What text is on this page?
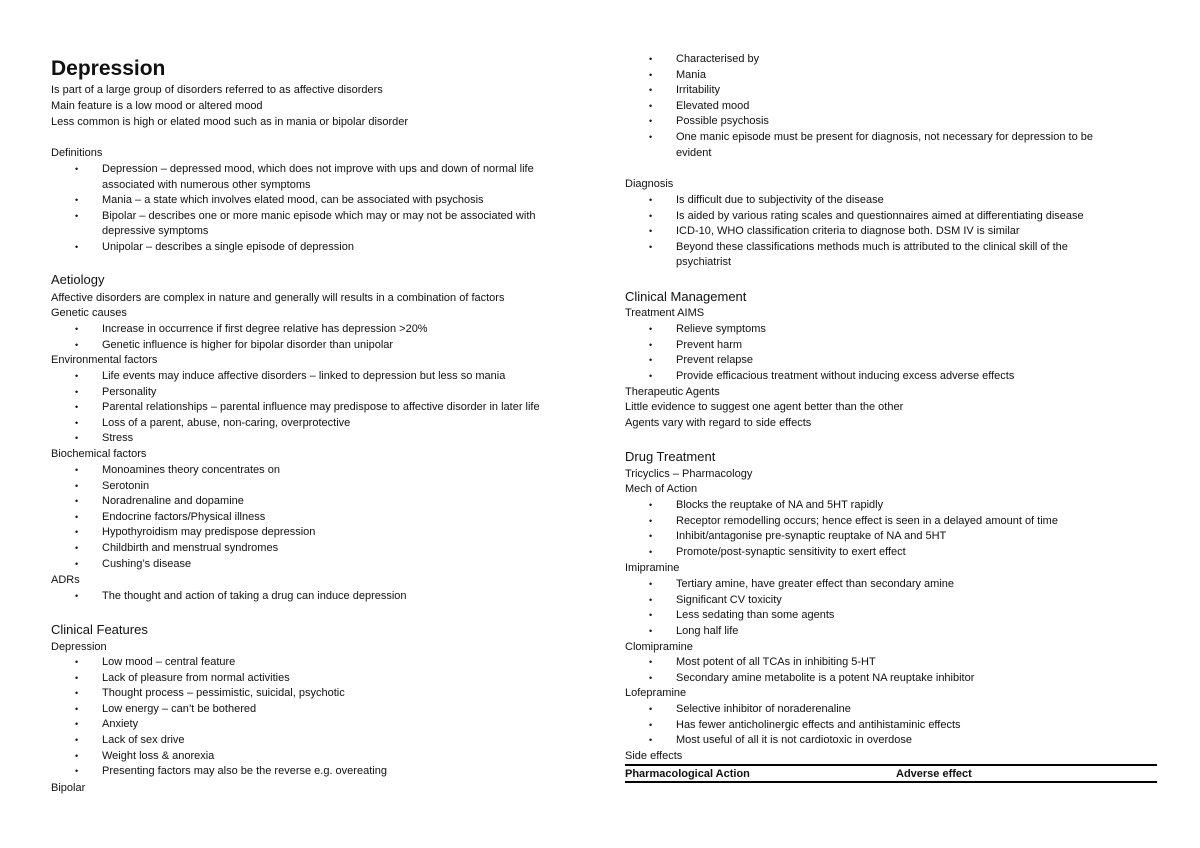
Depression
Is part of a large group of disorders referred to as affective disorders
Main feature is a low mood or altered mood
Less common is high or elated mood such as in mania or bipolar disorder
Definitions
• Depression – depressed mood, which does not improve with ups and down of normal life
associated with numerous other symptoms
• Mania – a state which involves elated mood, can be associated with psychosis
• Bipolar – describes one or more manic episode which may or may not be associated with
depressive symptoms
• Unipolar – describes a single episode of depression
Aetiology
Affective disorders are complex in nature and generally will results in a combination of factors
Genetic causes
• Increase in occurrence if first degree relative has depression >20%
• Genetic influence is higher for bipolar disorder than unipolar
Environmental factors
• Life events may induce affective disorders – linked to depression but less so mania
• Personality
• Parental relationships – parental influence may predispose to affective disorder in later life
• Loss of a parent, abuse, non-caring, overprotective
• Stress
Biochemical factors
• Monoamines theory concentrates on
• Serotonin
• Noradrenaline and dopamine
• Endocrine factors/Physical illness
• Hypothyroidism may predispose depression
• Childbirth and menstrual syndromes
• Cushing’s disease
ADRs
• The thought and action of taking a drug can induce depression
Clinical Features
Depression
• Low mood – central feature
• Lack of pleasure from normal activities
• Thought process – pessimistic, suicidal, psychotic
• Low energy – can’t be bothered
• Anxiety
• Lack of sex drive
• Weight loss & anorexia
• Presenting factors may also be the reverse e.g. overeating
Bipolar
• Characterised by
• Mania
• Irritability
• Elevated mood
• Possible psychosis
• One manic episode must be present for diagnosis, not necessary for depression to be
evident
Diagnosis
• Is difficult due to subjectivity of the disease
• Is aided by various rating scales and questionnaires aimed at differentiating disease
• ICD-10, WHO classification criteria to diagnose both. DSM IV is similar
• Beyond these classifications methods much is attributed to the clinical skill of the
psychiatrist
Clinical Management
Treatment AIMS
• Relieve symptoms
• Prevent harm
• Prevent relapse
• Provide efficacious treatment without inducing excess adverse effects
Therapeutic Agents
Little evidence to suggest one agent better than the other
Agents vary with regard to side effects
Drug Treatment
Tricyclics – Pharmacology
Mech of Action
• Blocks the reuptake of NA and 5HT rapidly
• Receptor remodelling occurs; hence effect is seen in a delayed amount of time
• Inhibit/antagonise pre-synaptic reuptake of NA and 5HT
• Promote/post-synaptic sensitivity to exert effect
Imipramine
• Tertiary amine, have greater effect than secondary amine
• Significant CV toxicity
• Less sedating than some agents
• Long half life
Clomipramine
• Most potent of all TCAs in inhibiting 5-HT
• Secondary amine metabolite is a potent NA reuptake inhibitor
Lofepramine
• Selective inhibitor of noraderenaline
• Has fewer anticholinergic effects and antihistaminic effects
• Most useful of all it is not cardiotoxic in overdose
Side effects
Pharmacological Action	Adverse effect
